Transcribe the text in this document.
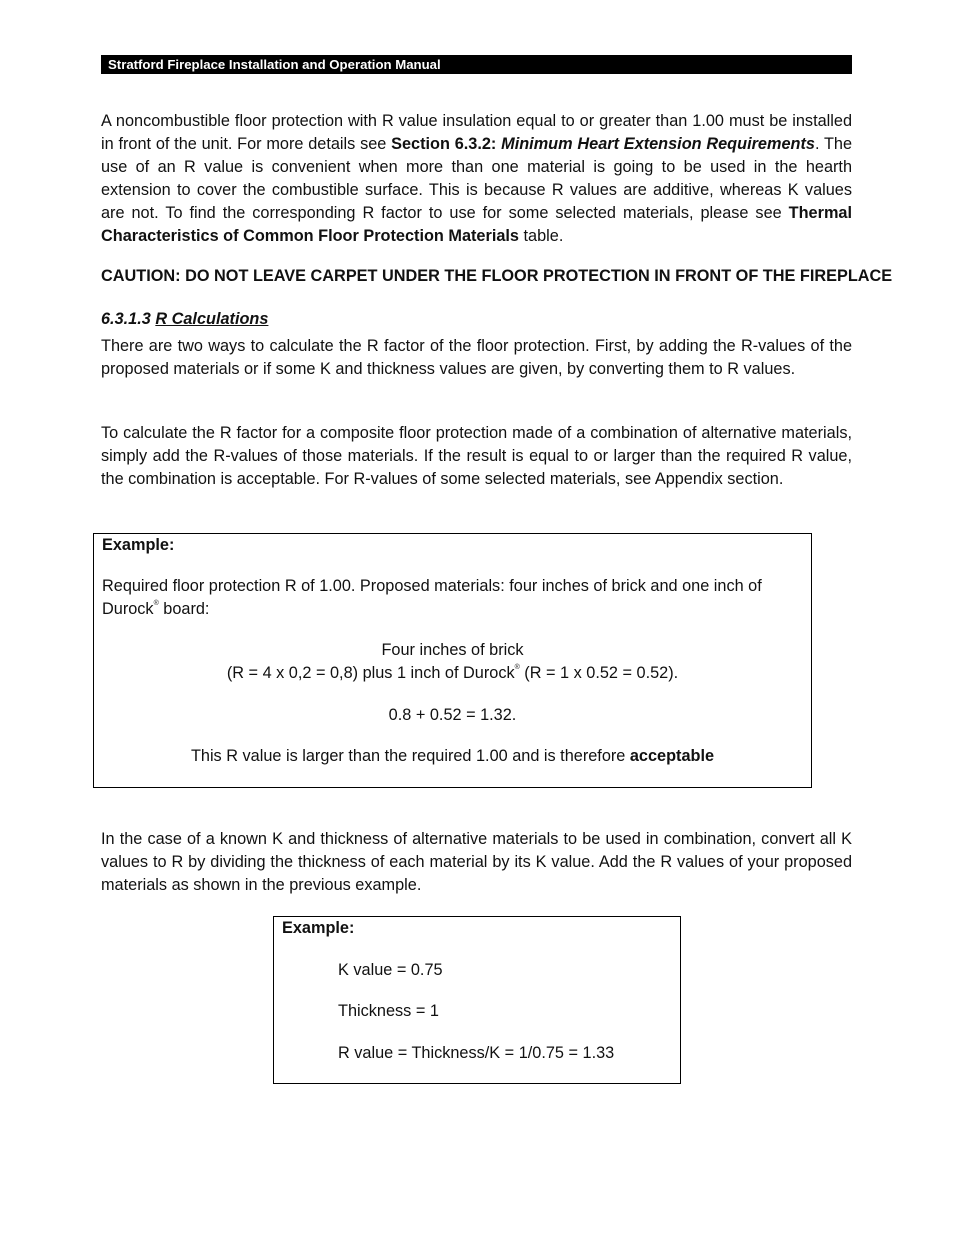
Stratford Fireplace Installation and Operation Manual

A noncombustible floor protection with R value insulation equal to or greater than 1.00 must be installed in front of the unit. For more details see Section 6.3.2: Minimum Heart Extension Requirements. The use of an R value is convenient when more than one material is going to be used in the hearth extension to cover the combustible surface. This is because R values are additive, whereas K values are not. To find the corresponding R factor to use for some selected materials, please see Thermal Characteristics of Common Floor Protection Materials table.

CAUTION: DO NOT LEAVE CARPET UNDER THE FLOOR PROTECTION IN FRONT OF THE FIREPLACE

6.3.1.3 R Calculations

There are two ways to calculate the R factor of the floor protection. First, by adding the R-values of the proposed materials or if some K and thickness values are given, by converting them to R values.

To calculate the R factor for a composite floor protection made of a combination of alternative materials, simply add the R-values of those materials. If the result is equal to or larger than the required R value, the combination is acceptable. For R-values of some selected materials, see Appendix section.

Example:
Required floor protection R of 1.00. Proposed materials: four inches of brick and one inch of Durock® board:
Four inches of brick
(R = 4 x 0,2 = 0,8) plus 1 inch of Durock® (R = 1 x 0.52 = 0.52).
0.8 + 0.52 = 1.32.
This R value is larger than the required 1.00 and is therefore acceptable

In the case of a known K and thickness of alternative materials to be used in combination, convert all K values to R by dividing the thickness of each material by its K value. Add the R values of your proposed materials as shown in the previous example.

Example:
K value = 0.75
Thickness = 1
R value = Thickness/K = 1/0.75 = 1.33
